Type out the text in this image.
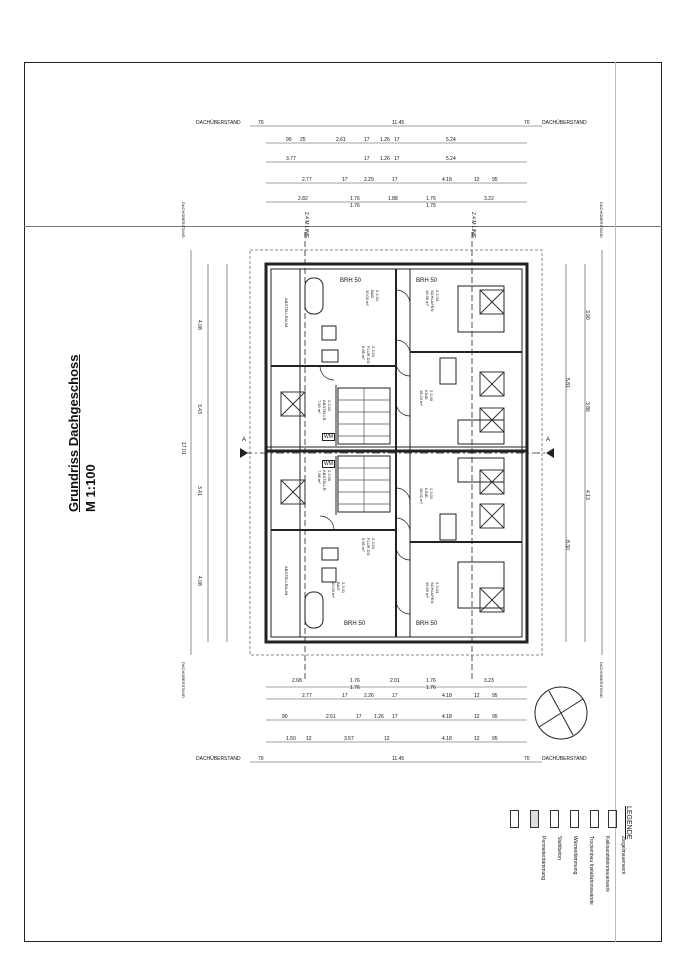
Grundriss Dachgeschoss M 1:100
DACHÜBERSTAND	70	11.45	70 DACHÜBERSTAND
90 25	2.61	17 1.26 17	5.24
3.77	17 1.26 17	5.24
2.77	17	2.29	17	4.18	12 95
2.82	1.76	1.88	1.76	3.22
1.76	1.76
2.4 M LINIE	2.4 M LINIE
BRH 50	BRH 50
BRH 50	BRH 50
A	A
WM
WM
ABSTELLRAUM
ABSTELLRAUM
2.2.01
BAD
10.00 m²
2.2.02
ABSTELLR.
7.83 m²
2.2.03
FLUR DG
5.86 m²
2.2.04
SCHLAFEN
15.38 m²
2.2.05
KIND
18.22 m²
2.3.01
BAD
10.00 m²
2.3.02
KIND
18.01 m²
2.3.03
FLUR DG
5.95 m²
2.3.04
SCHLAFEN
15.50 m²
2.3.05
ABSTELLR.
7.86 m²
2.68	1.76	2.01	1.76	3.23
1.76	1.76
2.77	17	2.26	17	4.18	12 95
90	2.61	17 1.26 17	4.18	12 95
1.50 12	3.57	12	4.18	12 95
DACHÜBERSTAND	70	11.45	70 DACHÜBERSTAND
DACHÜBERSTAND
DACHÜBERSTAND
4.08
3.43
17.01
3.41
4.08
DACHÜBERSTAND
DACHÜBERSTAND
3.90
5.81
3.86
4.13
8.30
LEGENDE
Ziegelmauerwerk
Kalksandsteinmauerwerk
Trockenbau Installationswände
Wärmedämmung
Stahlbeton
Perimeterdämmung
